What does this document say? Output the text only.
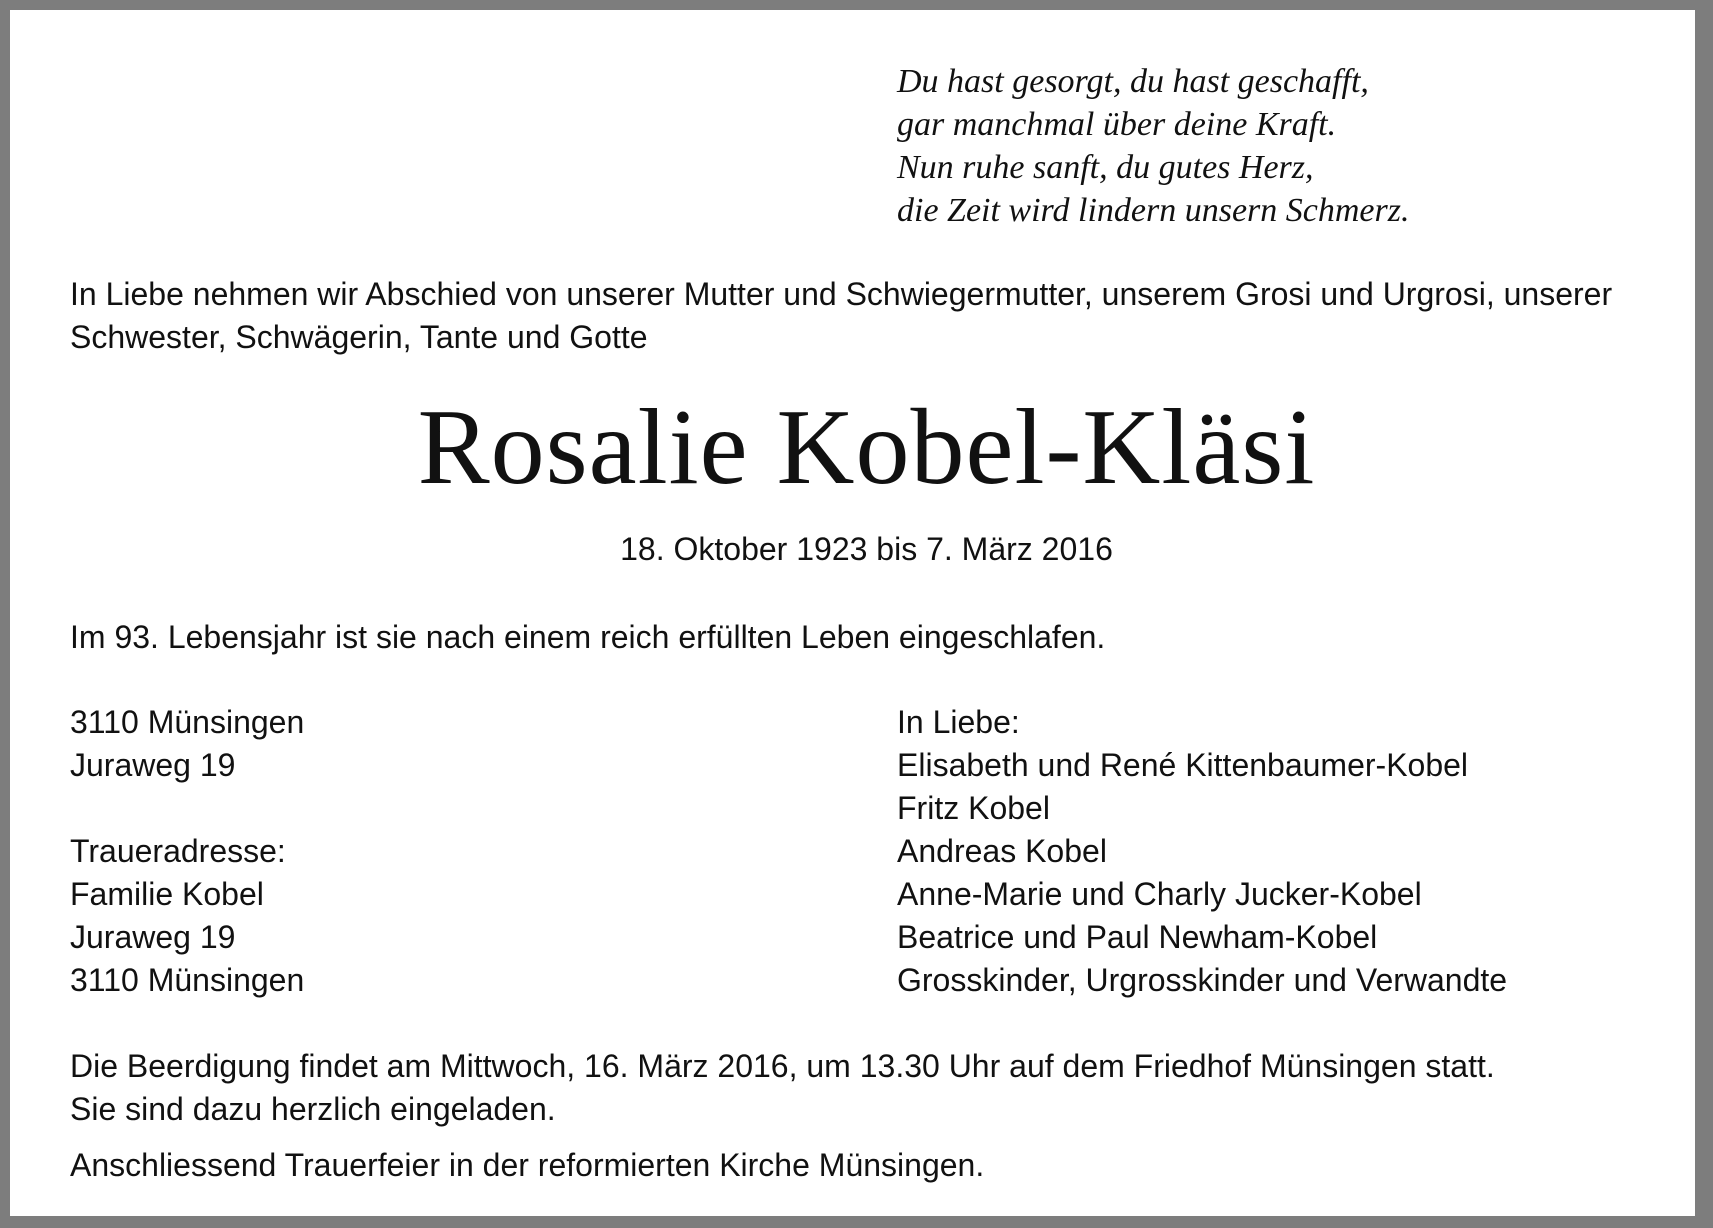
Du hast gesorgt, du hast geschafft,
gar manchmal über deine Kraft.
Nun ruhe sanft, du gutes Herz,
die Zeit wird lindern unsern Schmerz.
In Liebe nehmen wir Abschied von unserer Mutter und Schwiegermutter, unserem Grosi und Urgrosi, unserer
Schwester, Schwägerin, Tante und Gotte
Rosalie Kobel-Kläsi
18. Oktober 1923 bis 7. März 2016
Im 93. Lebensjahr ist sie nach einem reich erfüllten Leben eingeschlafen.
3110 Münsingen
Juraweg 19
Traueradresse:
Familie Kobel
Juraweg 19
3110 Münsingen
In Liebe:
Elisabeth und René Kittenbaumer-Kobel
Fritz Kobel
Andreas Kobel
Anne-Marie und Charly Jucker-Kobel
Beatrice und Paul Newham-Kobel
Grosskinder, Urgrosskinder und Verwandte
Die Beerdigung findet am Mittwoch, 16. März 2016, um 13.30 Uhr auf dem Friedhof Münsingen statt.
Sie sind dazu herzlich eingeladen.
Anschliessend Trauerfeier in der reformierten Kirche Münsingen.
